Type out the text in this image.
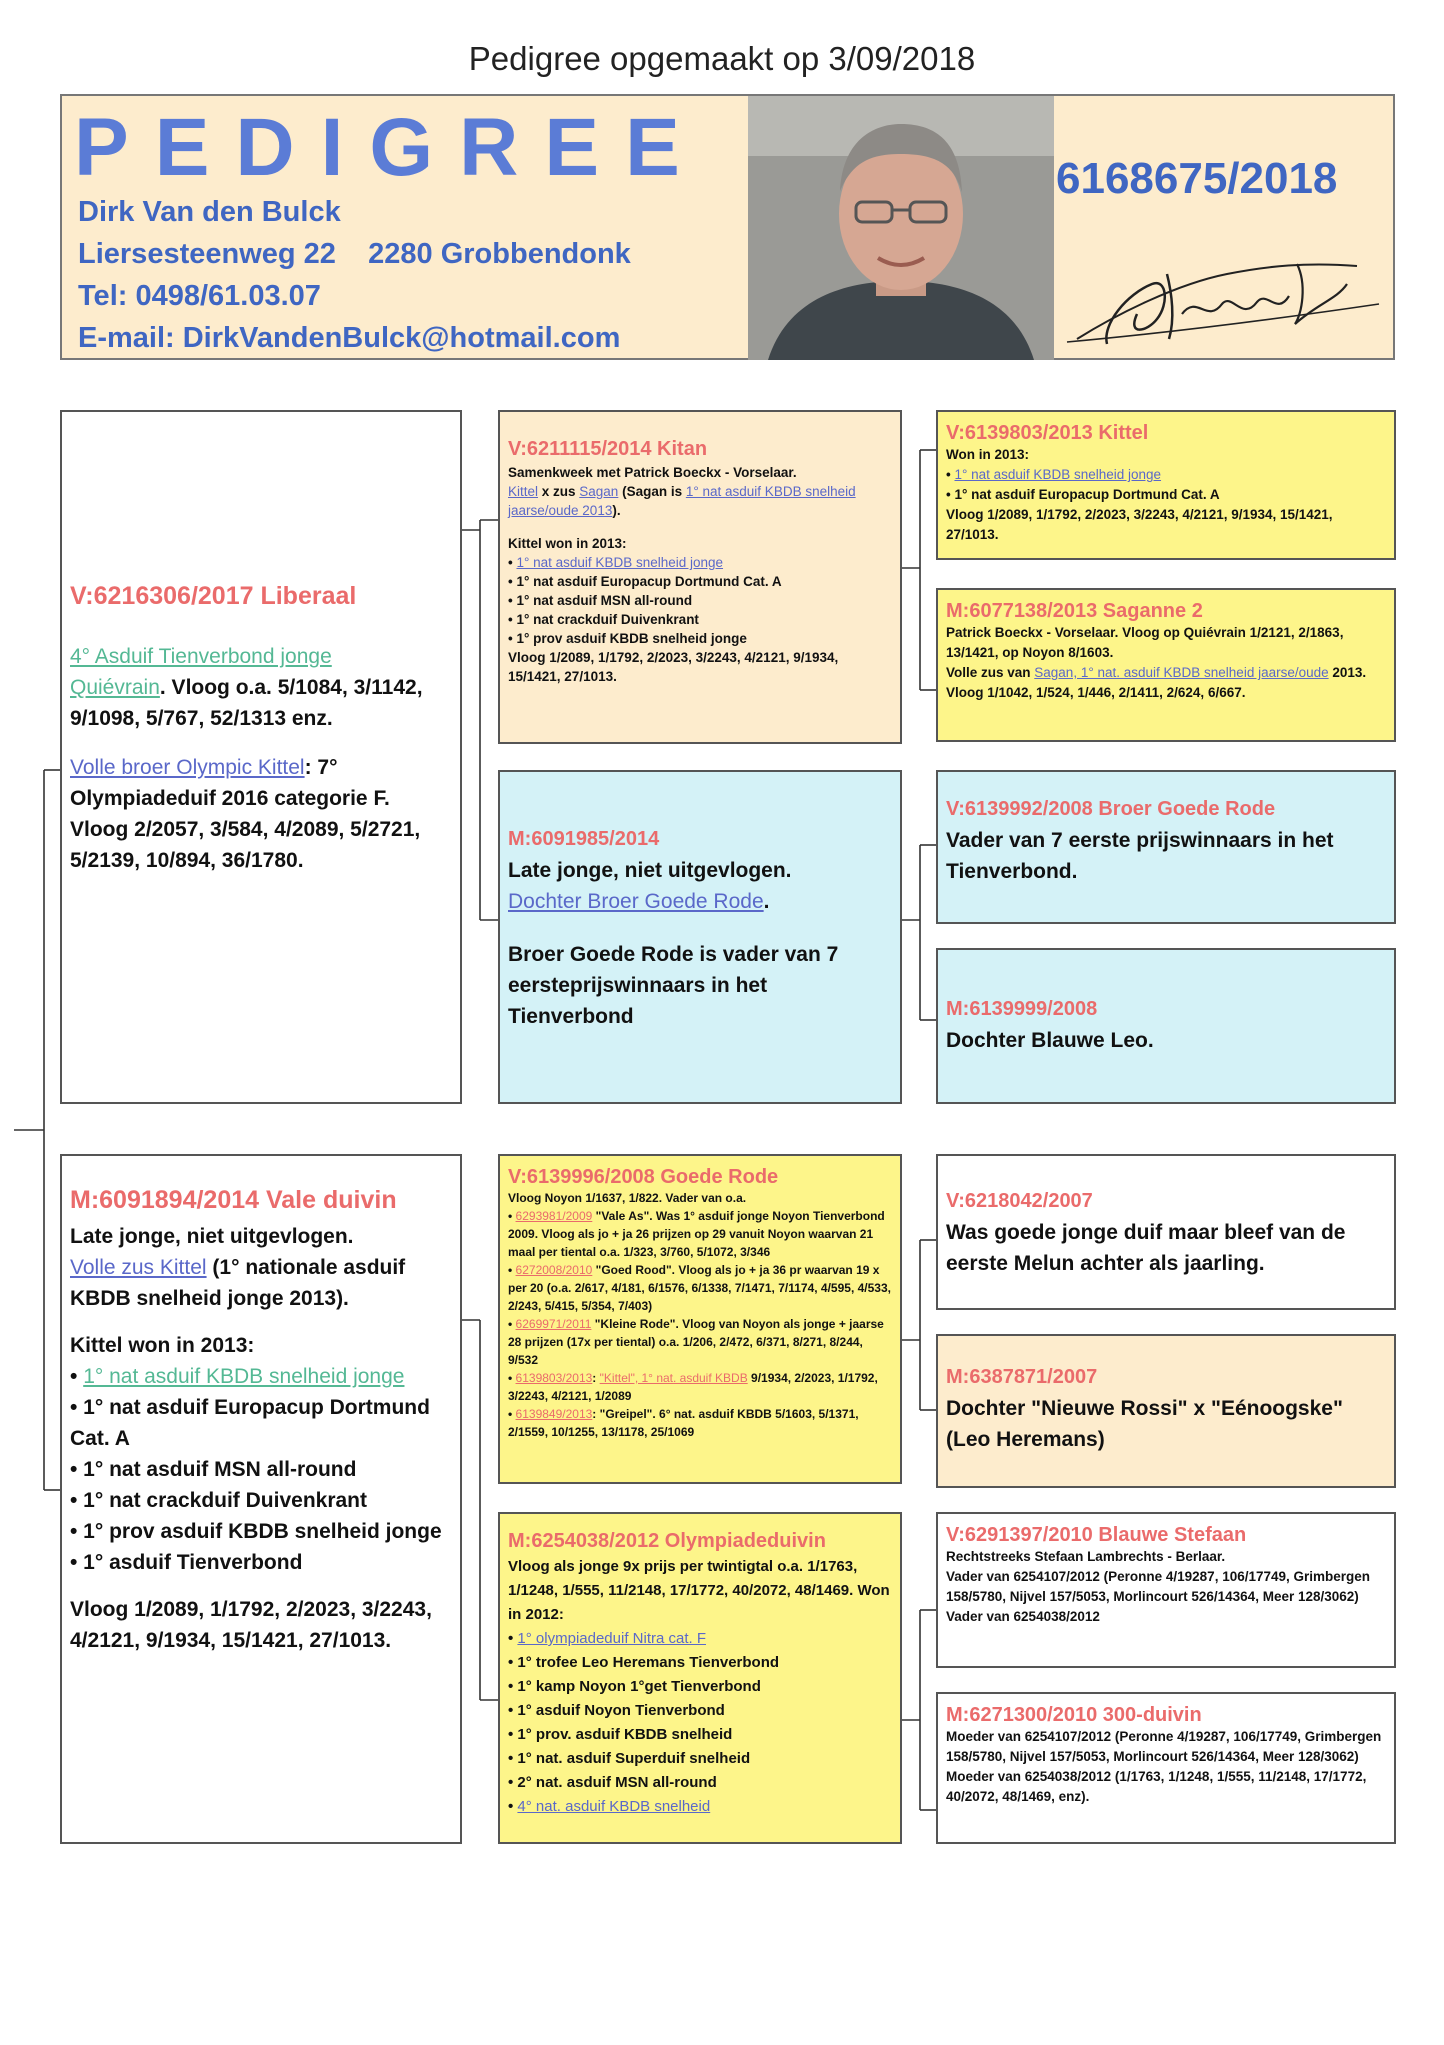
Pedigree opgemaakt op 3/09/2018
PEDIGREE
Dirk Van den Bulck
Liersesteenweg 22    2280 Grobbendonk
Tel: 0498/61.03.07
E-mail: DirkVandenBulck@hotmail.com
6168675/2018
V:6216306/2017 Liberaal
4° Asduif Tienverbond jonge
Quiévrain. Vloog o.a. 5/1084, 3/1142, 9/1098, 5/767, 52/1313 enz.
Volle broer Olympic Kittel: 7° Olympiadeduif 2016 categorie F. Vloog 2/2057, 3/584, 4/2089, 5/2721, 5/2139, 10/894, 36/1780.
M:6091894/2014 Vale duivin
Late jonge, niet uitgevlogen.
Volle zus Kittel (1° nationale asduif KBDB snelheid jonge 2013).
Kittel won in 2013:
• 1° nat asduif KBDB snelheid jonge
• 1° nat asduif Europacup Dortmund Cat. A
• 1° nat asduif MSN all-round
• 1° nat crackduif Duivenkrant
• 1° prov asduif KBDB snelheid jonge
• 1° asduif Tienverbond
Vloog 1/2089, 1/1792, 2/2023, 3/2243, 4/2121, 9/1934, 15/1421, 27/1013.
V:6211115/2014 Kitan
Samenkweek met Patrick Boeckx - Vorselaar.
Kittel x zus Sagan (Sagan is 1° nat asduif KBDB snelheid jaarse/oude 2013).
Kittel won in 2013:
• 1° nat asduif KBDB snelheid jonge
• 1° nat asduif Europacup Dortmund Cat. A
• 1° nat asduif MSN all-round
• 1° nat crackduif Duivenkrant
• 1° prov asduif KBDB snelheid jonge
Vloog 1/2089, 1/1792, 2/2023, 3/2243, 4/2121, 9/1934, 15/1421, 27/1013.
M:6091985/2014
Late jonge, niet uitgevlogen.
Dochter Broer Goede Rode.
Broer Goede Rode is vader van 7 eersteprijswinnaars in het Tienverbond
V:6139996/2008 Goede Rode
Vloog Noyon 1/1637, 1/822. Vader van o.a.
• 6293981/2009 "Vale As". Was 1° asduif jonge Noyon Tienverbond 2009. Vloog als jo + ja 26 prijzen op 29 vanuit Noyon waarvan 21 maal per tiental o.a. 1/323, 3/760, 5/1072, 3/346
• 6272008/2010 "Goed Rood". Vloog als jo + ja 36 pr waarvan 19 x per 20 (o.a. 2/617, 4/181, 6/1576, 6/1338, 7/1471, 7/1174, 4/595, 4/533, 2/243, 5/415, 5/354, 7/403)
• 6269971/2011 "Kleine Rode". Vloog van Noyon als jonge + jaarse 28 prijzen (17x per tiental) o.a. 1/206, 2/472, 6/371, 8/271, 8/244, 9/532
• 6139803/2013: "Kittel", 1° nat. asduif KBDB 9/1934, 2/2023, 1/1792, 3/2243, 4/2121, 1/2089
• 6139849/2013: "Greipel". 6° nat. asduif KBDB 5/1603, 5/1371, 2/1559, 10/1255, 13/1178, 25/1069
M:6254038/2012 Olympiadeduivin
Vloog als jonge 9x prijs per twintigtal o.a. 1/1763, 1/1248, 1/555, 11/2148, 17/1772, 40/2072, 48/1469. Won in 2012:
• 1° olympiadeduif Nitra cat. F
• 1° trofee Leo Heremans Tienverbond
• 1° kamp Noyon 1°get Tienverbond
• 1° asduif Noyon Tienverbond
• 1° prov. asduif KBDB snelheid
• 1° nat. asduif Superduif snelheid
• 2° nat. asduif MSN all-round
• 4° nat. asduif KBDB snelheid
V:6139803/2013 Kittel
Won in 2013:
• 1° nat asduif KBDB snelheid jonge
• 1° nat asduif Europacup Dortmund Cat. A
Vloog 1/2089, 1/1792, 2/2023, 3/2243, 4/2121, 9/1934, 15/1421, 27/1013.
M:6077138/2013 Saganne 2
Patrick Boeckx - Vorselaar. Vloog op Quiévrain 1/2121, 2/1863, 13/1421, op Noyon 8/1603.
Volle zus van Sagan, 1° nat. asduif KBDB snelheid jaarse/oude 2013. Vloog 1/1042, 1/524, 1/446, 2/1411, 2/624, 6/667.
V:6139992/2008 Broer Goede Rode
Vader van 7 eerste prijswinnaars in het Tienverbond.
M:6139999/2008
Dochter Blauwe Leo.
V:6218042/2007
Was goede jonge duif maar bleef van de eerste Melun achter als jaarling.
M:6387871/2007
Dochter "Nieuwe Rossi" x "Eénoogske" (Leo Heremans)
V:6291397/2010 Blauwe Stefaan
Rechtstreeks Stefaan Lambrechts - Berlaar.
Vader van 6254107/2012 (Peronne 4/19287, 106/17749, Grimbergen 158/5780, Nijvel 157/5053, Morlincourt 526/14364, Meer 128/3062)
Vader van 6254038/2012
M:6271300/2010 300-duivin
Moeder van 6254107/2012 (Peronne 4/19287, 106/17749, Grimbergen 158/5780, Nijvel 157/5053, Morlincourt 526/14364, Meer 128/3062)
Moeder van 6254038/2012 (1/1763, 1/1248, 1/555, 11/2148, 17/1772, 40/2072, 48/1469, enz).
